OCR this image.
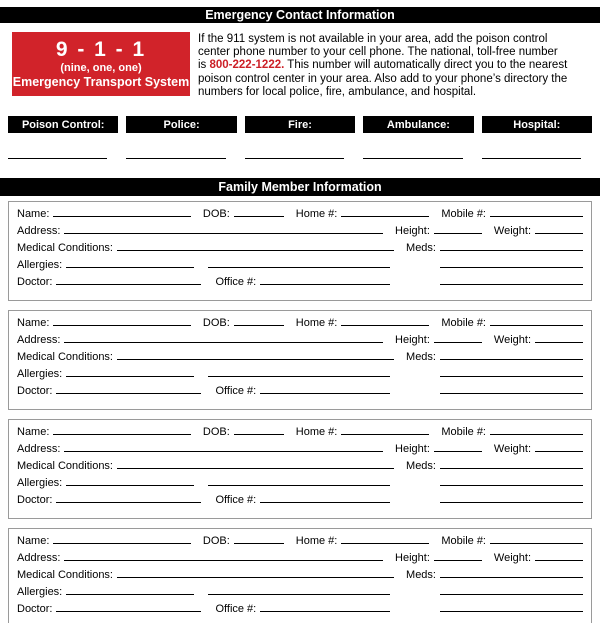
Emergency Contact Information
9 - 1 - 1
(nine, one, one)
Emergency Transport System
If the 911 system is not available in your area, add the poison control
center phone number to your cell phone. The national, toll-free number
is 800-222-1222. This number will automatically direct you to the nearest
poison control center in your area. Also add to your phone’s directory the
numbers for local police, fire, ambulance, and hospital.
Poison Control:	Police:	Fire:	Ambulance:	Hospital:
Family Member Information
Name:	DOB:	Home #:	Mobile #:
Address:	Height:	Weight:
Medical Conditions:	Meds:
Allergies:
Doctor:	Office #:
Name:	DOB:	Home #:	Mobile #:
Address:	Height:	Weight:
Medical Conditions:	Meds:
Allergies:
Doctor:	Office #:
Name:	DOB:	Home #:	Mobile #:
Address:	Height:	Weight:
Medical Conditions:	Meds:
Allergies:
Doctor:	Office #:
Name:	DOB:	Home #:	Mobile #:
Address:	Height:	Weight:
Medical Conditions:	Meds:
Allergies:
Doctor:	Office #:
